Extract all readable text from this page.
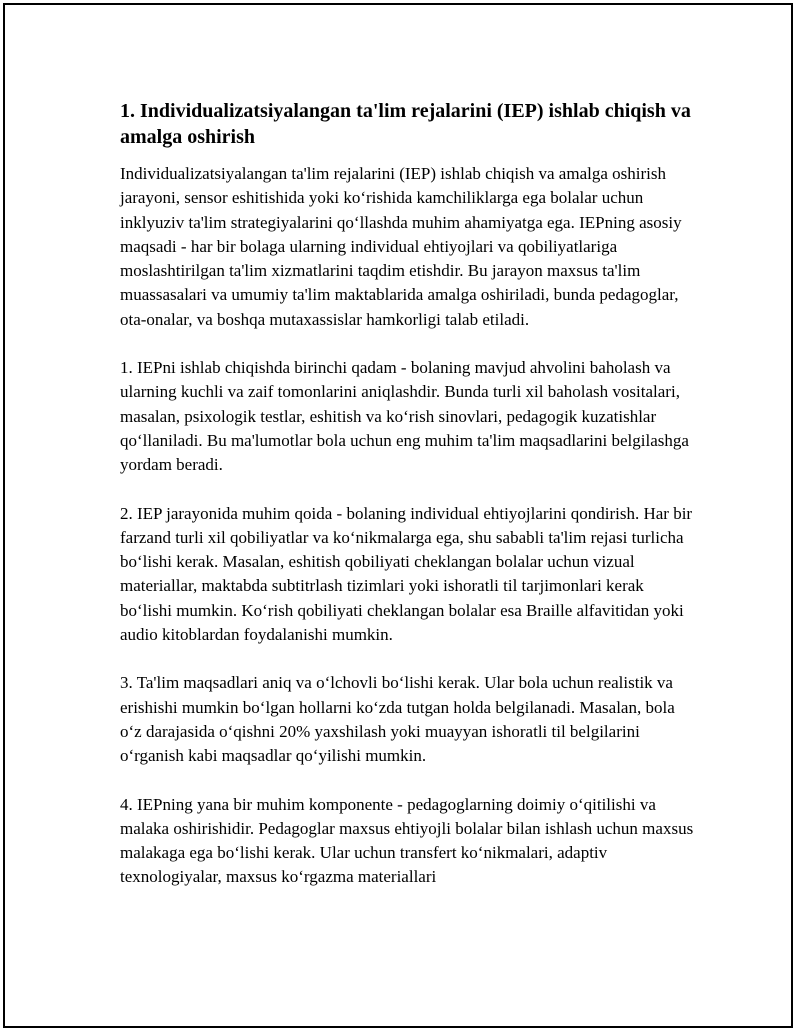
1. Individualizatsiyalangan ta'lim rejalarini (IEP) ishlab chiqish va amalga oshirish

Individualizatsiyalangan ta'lim rejalarini (IEP) ishlab chiqish va amalga oshirish jarayoni, sensor eshitishida yoki ko‘rishida kamchiliklarga ega bolalar uchun inklyuziv ta'lim strategiyalarini qo‘llashda muhim ahamiyatga ega. IEPning asosiy maqsadi - har bir bolaga ularning individual ehtiyojlari va qobiliyatlariga moslashtirilgan ta'lim xizmatlarini taqdim etishdir. Bu jarayon maxsus ta'lim muassasalari va umumiy ta'lim maktablarida amalga oshiriladi, bunda pedagoglar, ota-onalar, va boshqa mutaxassislar hamkorligi talab etiladi.

1. IEPni ishlab chiqishda birinchi qadam - bolaning mavjud ahvolini baholash va ularning kuchli va zaif tomonlarini aniqlashdir. Bunda turli xil baholash vositalari, masalan, psixologik testlar, eshitish va ko‘rish sinovlari, pedagogik kuzatishlar qo‘llaniladi. Bu ma'lumotlar bola uchun eng muhim ta'lim maqsadlarini belgilashga yordam beradi.

2. IEP jarayonida muhim qoida - bolaning individual ehtiyojlarini qondirish. Har bir farzand turli xil qobiliyatlar va ko‘nikmalarga ega, shu sababli ta'lim rejasi turlicha bo‘lishi kerak. Masalan, eshitish qobiliyati cheklangan bolalar uchun vizual materiallar, maktabda subtitrlash tizimlari yoki ishoratli til tarjimonlari kerak bo‘lishi mumkin. Ko‘rish qobiliyati cheklangan bolalar esa Braille alfavitidan yoki audio kitoblardan foydalanishi mumkin.

3. Ta'lim maqsadlari aniq va o‘lchovli bo‘lishi kerak. Ular bola uchun realistik va erishishi mumkin bo‘lgan hollarni ko‘zda tutgan holda belgilanadi. Masalan, bola o‘z darajasida o‘qishni 20% yaxshilash yoki muayyan ishoratli til belgilarini o‘rganish kabi maqsadlar qo‘yilishi mumkin.

4. IEPning yana bir muhim komponente - pedagoglarning doimiy o‘qitilishi va malaka oshirishidir. Pedagoglar maxsus ehtiyojli bolalar bilan ishlash uchun maxsus malakaga ega bo‘lishi kerak. Ular uchun transfert ko‘nikmalari, adaptiv texnologiyalar, maxsus ko‘rgazma materiallari
